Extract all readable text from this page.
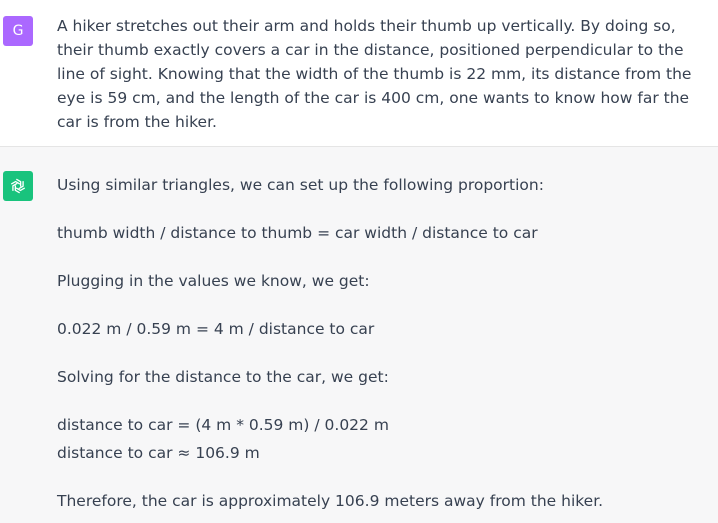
G A hiker stretches out their arm and holds their thumb up vertically. By doing so, their thumb exactly covers a car in the distance, positioned perpendicular to the line of sight. Knowing that the width of the thumb is 22 mm, its distance from the eye is 59 cm, and the length of the car is 400 cm, one wants to know how far the car is from the hiker.

Using similar triangles, we can set up the following proportion:

thumb width / distance to thumb = car width / distance to car

Plugging in the values we know, we get:

0.022 m / 0.59 m = 4 m / distance to car

Solving for the distance to the car, we get:

distance to car = (4 m * 0.59 m) / 0.022 m

distance to car ≈ 106.9 m

Therefore, the car is approximately 106.9 meters away from the hiker.
